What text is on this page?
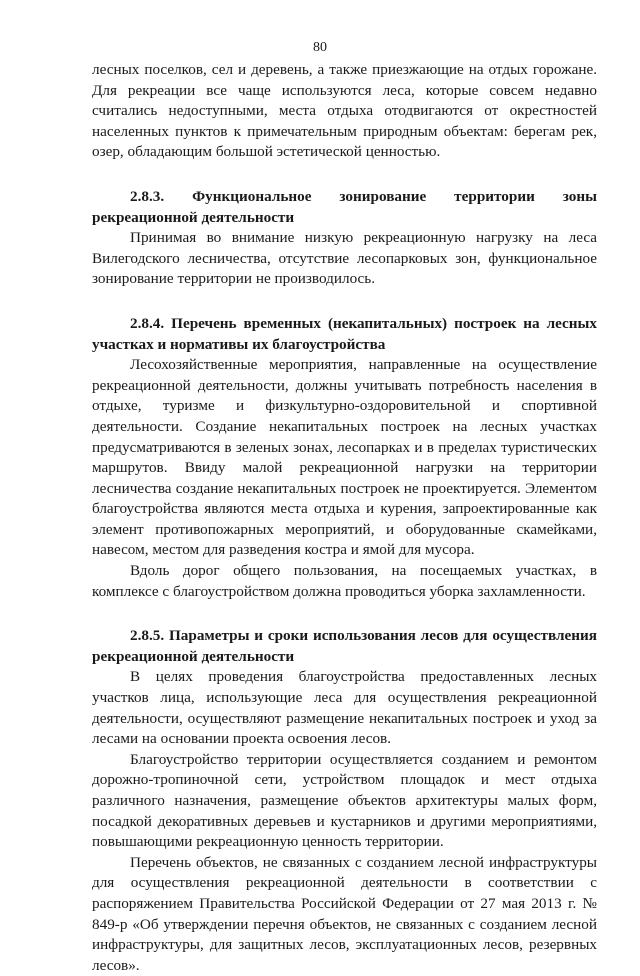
80

лесных поселков, сел и деревень, а также приезжающие на отдых горожане. Для рекреации все чаще используются леса, которые совсем недавно считались недоступными, места отдыха отодвигаются от окрестностей населенных пунктов к примечательным природным объектам: берегам рек, озер, обладающим большой эстетической ценностью.

2.8.3. Функциональное зонирование территории зоны

рекреационной деятельности

Принимая во внимание низкую рекреационную нагрузку на леса Вилегодского лесничества, отсутствие лесопарковых зон, функциональное зонирование территории не производилось.

2.8.4. Перечень временных (некапитальных) построек на лесных

участках и нормативы их благоустройства

Лесохозяйственные мероприятия, направленные на осуществление рекреационной деятельности, должны учитывать потребность населения в отдыхе, туризме и физкультурно-оздоровительной и спортивной деятельности. Создание некапитальных построек на лесных участках предусматриваются в зеленых зонах, лесопарках и в пределах туристических маршрутов. Ввиду малой рекреационной нагрузки на территории лесничества создание некапитальных построек не проектируется. Элементом благоустройства являются места отдыха и курения, запроектированные как элемент противопожарных мероприятий, и оборудованные скамейками, навесом, местом для разведения костра и ямой для мусора.

Вдоль дорог общего пользования, на посещаемых участках, в комплексе с благоустройством должна проводиться уборка захламленности.

2.8.5. Параметры и сроки использования лесов для осуществления

рекреационной деятельности

В целях проведения благоустройства предоставленных лесных участков лица, использующие леса для осуществления рекреационной деятельности, осуществляют размещение некапитальных построек и уход за лесами на основании проекта освоения лесов.

Благоустройство территории осуществляется созданием и ремонтом дорожно-тропиночной сети, устройством площадок и мест отдыха различного назначения, размещение объектов архитектуры малых форм, посадкой декоративных деревьев и кустарников и другими мероприятиями, повышающими рекреационную ценность территории.

Перечень объектов, не связанных с созданием лесной инфраструктуры для осуществления рекреационной деятельности в соответствии с распоряжением Правительства Российской Федерации от 27 мая 2013 г. № 849-р «Об утверждении перечня объектов, не связанных с созданием лесной инфраструктуры, для защитных лесов, эксплуатационных лесов, резервных лесов».
